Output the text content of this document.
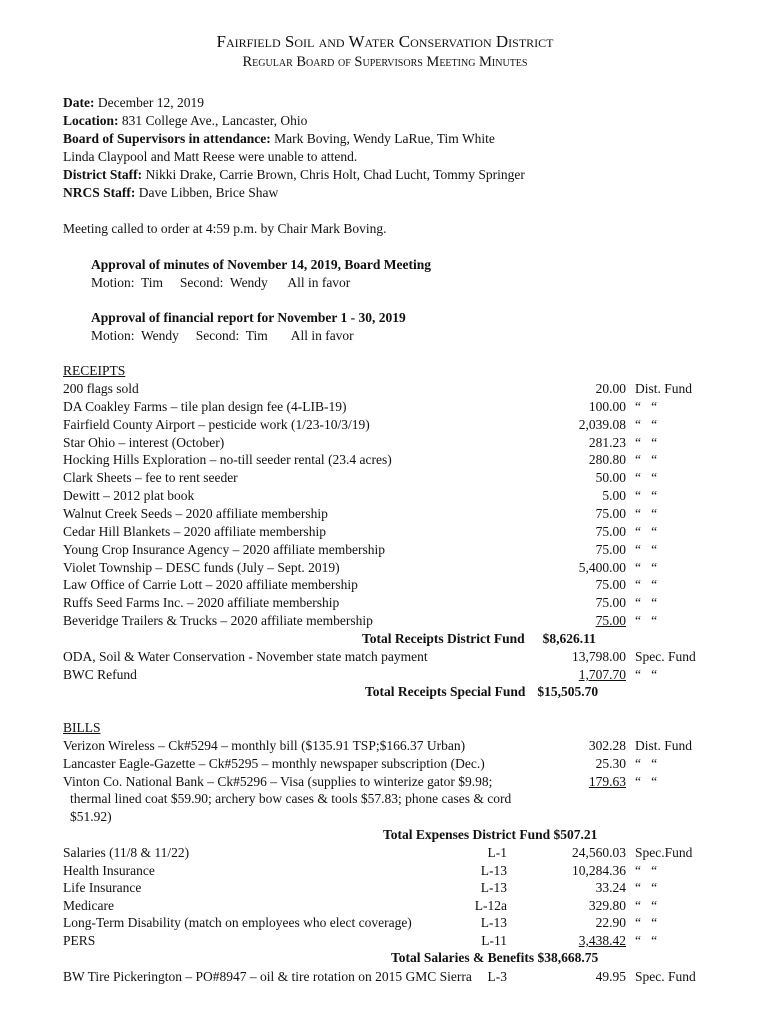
Fairfield Soil and Water Conservation District
Regular Board of Supervisors Meeting Minutes
Date: December 12, 2019
Location: 831 College Ave., Lancaster, Ohio
Board of Supervisors in attendance: Mark Boving, Wendy LaRue, Tim White
Linda Claypool and Matt Reese were unable to attend.
District Staff: Nikki Drake, Carrie Brown, Chris Holt, Chad Lucht, Tommy Springer
NRCS Staff: Dave Libben, Brice Shaw
Meeting called to order at 4:59 p.m. by Chair Mark Boving.
Approval of minutes of November 14, 2019, Board Meeting
Motion:  Tim     Second:  Wendy      All in favor
Approval of financial report for November 1 - 30, 2019
Motion:  Wendy     Second:  Tim       All in favor
RECEIPTS
200 flags sold	20.00 Dist. Fund
DA Coakley Farms – tile plan design fee (4-LIB-19)	100.00 “   “
Fairfield County Airport – pesticide work (1/23-10/3/19)	2,039.08 “   “
Star Ohio – interest (October)	281.23 “   “
Hocking Hills Exploration – no-till seeder rental (23.4 acres)	280.80 “   “
Clark Sheets – fee to rent seeder	50.00 “   “
Dewitt – 2012 plat book	5.00 “   “
Walnut Creek Seeds – 2020 affiliate membership	75.00 “   “
Cedar Hill Blankets – 2020 affiliate membership	75.00 “   “
Young Crop Insurance Agency – 2020 affiliate membership	75.00 “   “
Violet Township – DESC funds (July – Sept. 2019)	5,400.00 “   “
Law Office of Carrie Lott – 2020 affiliate membership	75.00 “   “
Ruffs Seed Farms Inc. – 2020 affiliate membership	75.00 “   “
Beveridge Trailers & Trucks – 2020 affiliate membership	75.00 “   “
Total Receipts District Fund $8,626.11
ODA, Soil & Water Conservation - November state match payment	13,798.00 Spec. Fund
BWC Refund	1,707.70 “   “
Total Receipts Special Fund $15,505.70
BILLS
Verizon Wireless – Ck#5294 – monthly bill ($135.91 TSP;$166.37 Urban)	302.28 Dist. Fund
Lancaster Eagle-Gazette – Ck#5295 – monthly newspaper subscription (Dec.)	25.30 “   “
Vinton Co. National Bank – Ck#5296 – Visa (supplies to winterize gator $9.98;	179.63 “   “
thermal lined coat $59.90; archery bow cases & tools $57.83; phone cases & cord
$51.92)
Total Expenses District Fund $507.21
Salaries (11/8 & 11/22)	L-1	24,560.03 Spec.Fund
Health Insurance	L-13	10,284.36 “   “
Life Insurance	L-13	33.24 “   “
Medicare	L-12a	329.80 “   “
Long-Term Disability (match on employees who elect coverage)	L-13	22.90 “   “
PERS	L-11	3,438.42 “   “
Total Salaries & Benefits $38,668.75
BW Tire Pickerington – PO#8947 – oil & tire rotation on 2015 GMC Sierra L-3	49.95 Spec. Fund
